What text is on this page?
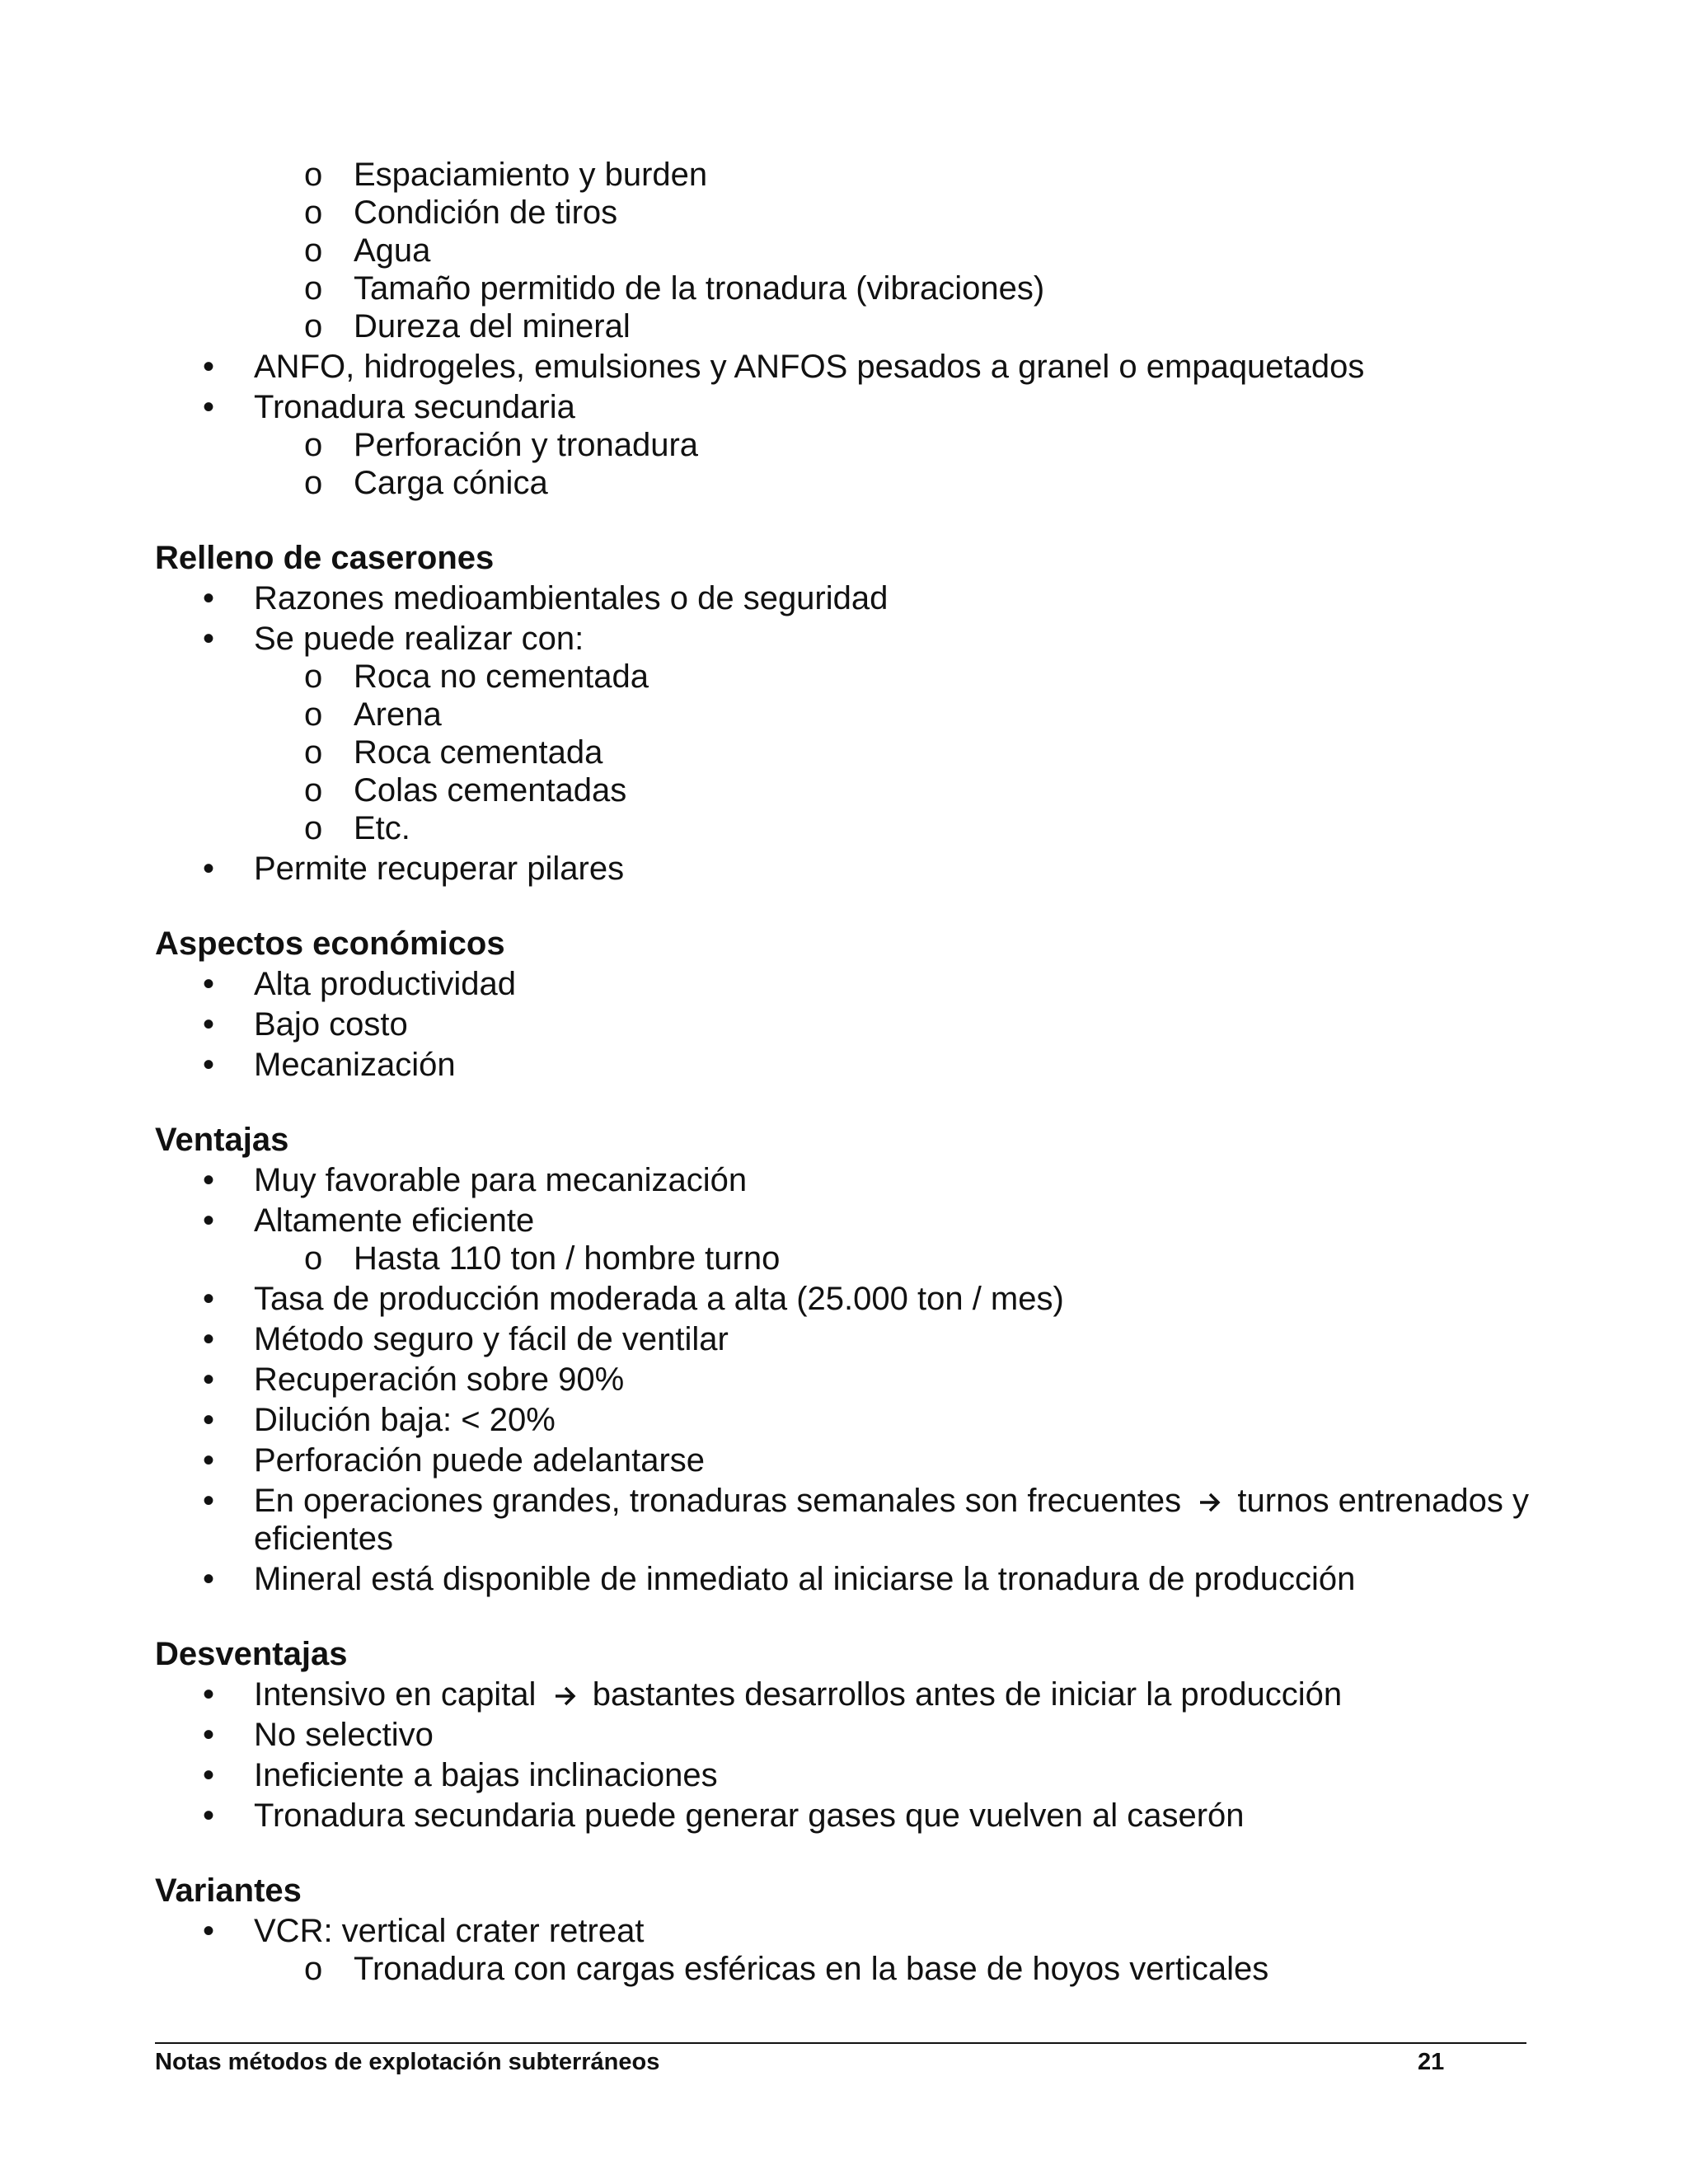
o Espaciamiento y burden
o Condición de tiros
o Agua
o Tamaño permitido de la tronadura (vibraciones)
o Dureza del mineral
• ANFO, hidrogeles, emulsiones y ANFOS pesados a granel o empaquetados
• Tronadura secundaria
o Perforación y tronadura
o Carga cónica
Relleno de caserones
• Razones medioambientales o de seguridad
• Se puede realizar con:
o Roca no cementada
o Arena
o Roca cementada
o Colas cementadas
o Etc.
• Permite recuperar pilares
Aspectos económicos
• Alta productividad
• Bajo costo
• Mecanización
Ventajas
• Muy favorable para mecanización
• Altamente eficiente
o Hasta 110 ton / hombre turno
• Tasa de producción moderada a alta (25.000 ton / mes)
• Método seguro y fácil de ventilar
• Recuperación sobre 90%
• Dilución baja: < 20%
• Perforación puede adelantarse
• En operaciones grandes, tronaduras semanales son frecuentes turnos entrenados y
eficientes
• Mineral está disponible de inmediato al iniciarse la tronadura de producción
Desventajas
• Intensivo en capital bastantes desarrollos antes de iniciar la producción
• No selectivo
• Ineficiente a bajas inclinaciones
• Tronadura secundaria puede generar gases que vuelven al caserón
Variantes
• VCR: vertical crater retreat
o Tronadura con cargas esféricas en la base de hoyos verticales
Notas métodos de explotación subterráneos	21
